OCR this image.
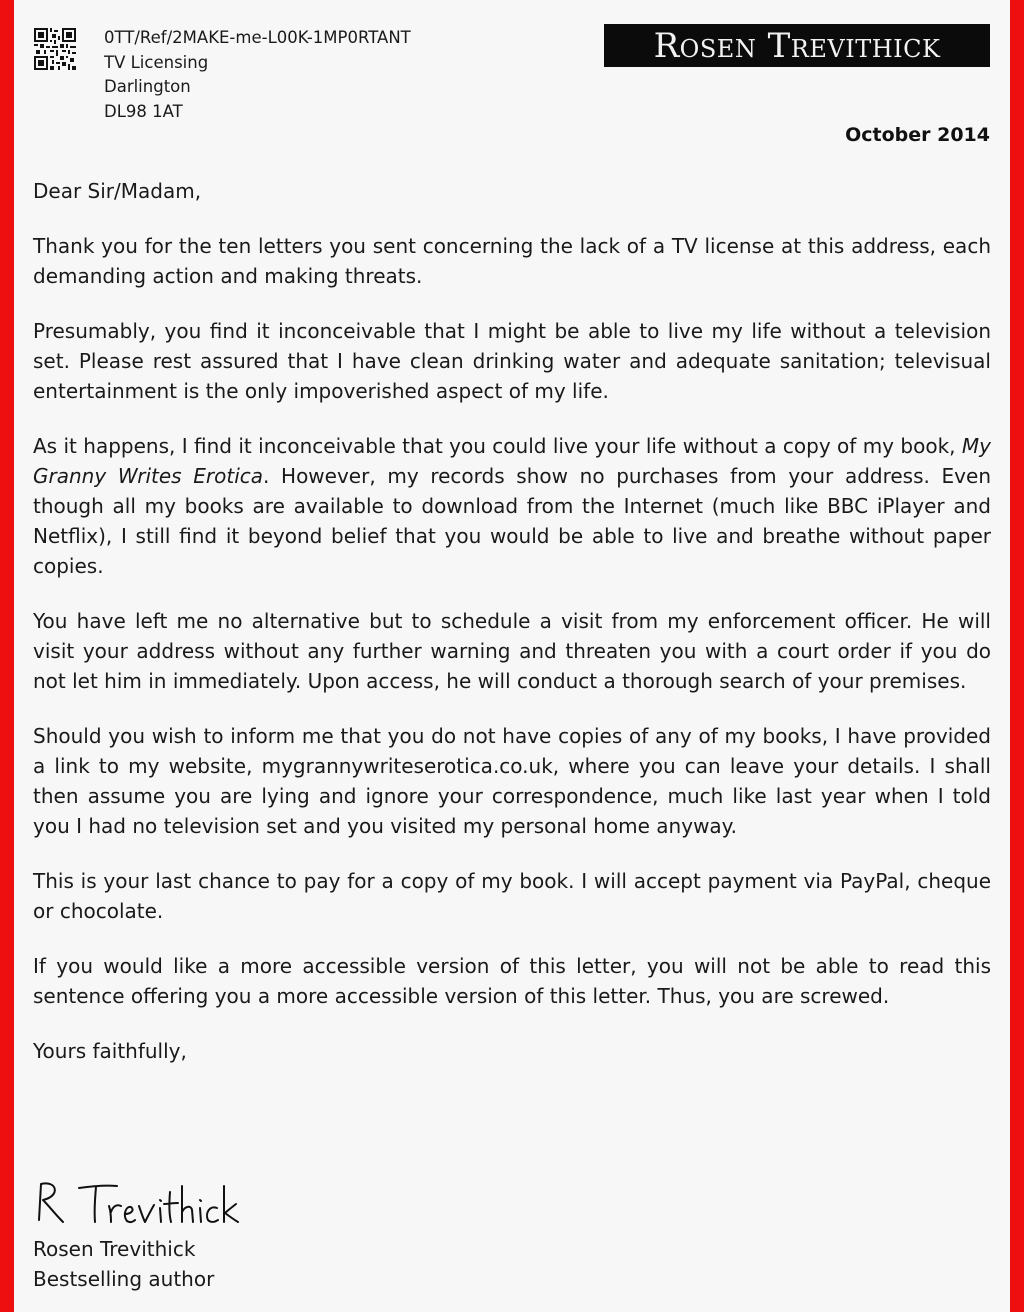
0TT/Ref/2MAKE-me-L00K-1MP0RTANT
TV Licensing
Darlington
DL98 1AT
Rosen Trevithick
October 2014

Dear Sir/Madam,

Thank you for the ten letters you sent concerning the lack of a TV license at this address, each demanding action and making threats.

Presumably, you find it inconceivable that I might be able to live my life without a television set. Please rest assured that I have clean drinking water and adequate sanitation; televisual entertainment is the only impoverished aspect of my life.

As it happens, I find it inconceivable that you could live your life without a copy of my book, My Granny Writes Erotica. However, my records show no purchases from your address. Even though all my books are available to download from the Internet (much like BBC iPlayer and Netflix), I still find it beyond belief that you would be able to live and breathe without paper copies.

You have left me no alternative but to schedule a visit from my enforcement officer. He will visit your address without any further warning and threaten you with a court order if you do not let him in immediately. Upon access, he will conduct a thorough search of your premises.

Should you wish to inform me that you do not have copies of any of my books, I have provided a link to my website, mygrannywriteserotica.co.uk, where you can leave your details. I shall then assume you are lying and ignore your correspondence, much like last year when I told you I had no television set and you visited my personal home anyway.

This is your last chance to pay for a copy of my book. I will accept payment via PayPal, cheque or chocolate.

If you would like a more accessible version of this letter, you will not be able to read this sentence offering you a more accessible version of this letter. Thus, you are screwed.

Yours faithfully,

Rosen Trevithick
Bestselling author
